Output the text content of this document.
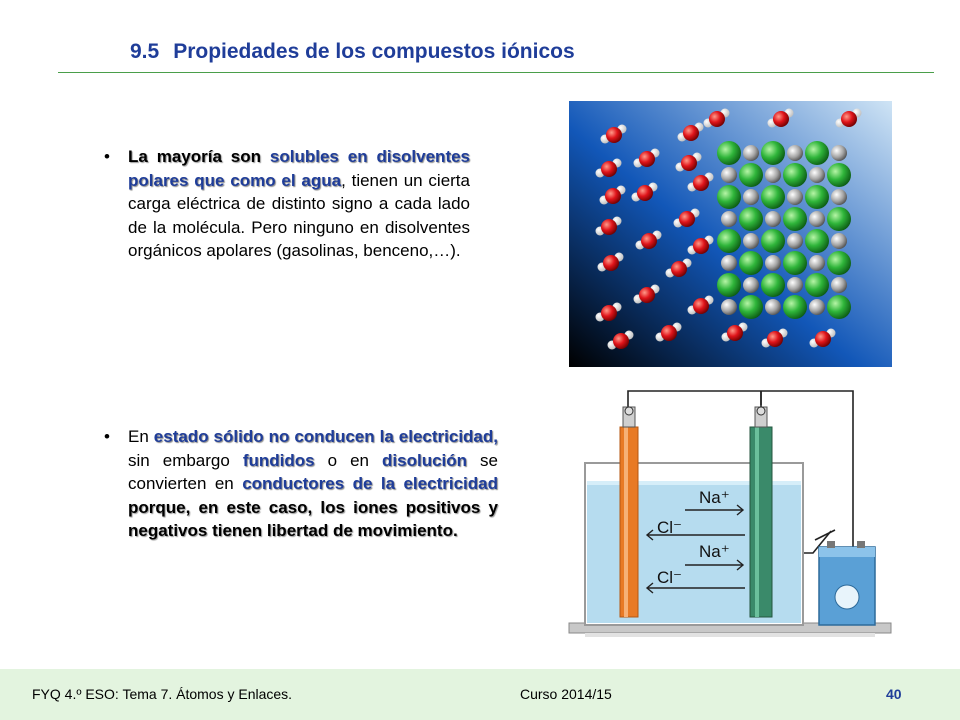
9.5 Propiedades de los compuestos iónicos
• La mayoría son solubles en disolventes polares que como el agua, tienen un cierta carga eléctrica de distinto signo a cada lado de la molécula. Pero ninguno en disolventes orgánicos apolares (gasolinas, benceno,…).
• En estado sólido no conducen la electricidad, sin embargo fundidos o en disolución se convierten en conductores de la electricidad porque, en este caso, los iones positivos y negativos tienen libertad de movimiento.
Na⁺
Cl⁻
Na⁺
Cl⁻
FYQ 4.º ESO: Tema 7. Átomos y Enlaces.	Curso 2014/15	40
